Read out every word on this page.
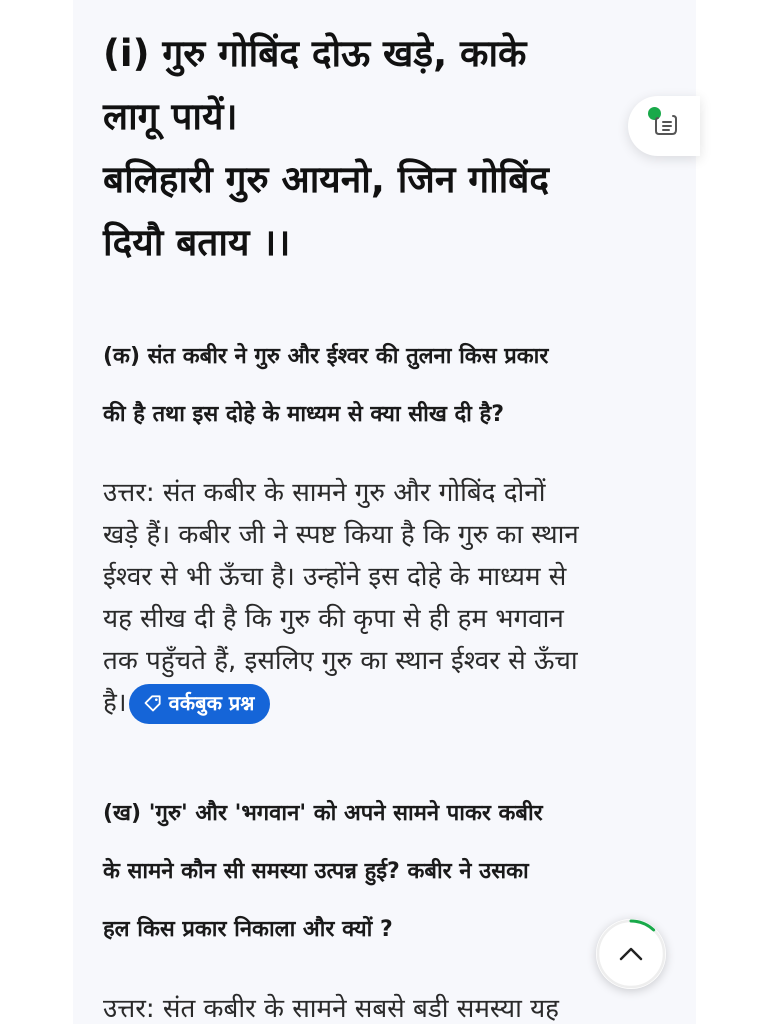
(i) गुरु गोबिंद दोऊ खड़े, काके
लागू पायें।
बलिहारी गुरु आयनो, जिन गोबिंद
दियौ बताय ।।

(क) संत कबीर ने गुरु और ईश्वर की तुलना किस प्रकार
की है तथा इस दोहे के माध्यम से क्या सीख दी है?

उत्तर: संत कबीर के सामने गुरु और गोबिंद दोनों
खड़े हैं। कबीर जी ने स्पष्ट किया है कि गुरु का स्थान
ईश्वर से भी ऊँचा है। उन्होंने इस दोहे के माध्यम से
यह सीख दी है कि गुरु की कृपा से ही हम भगवान
तक पहुँचते हैं, इसलिए गुरु का स्थान ईश्वर से ऊँचा
है। वर्कबुक प्रश्न

(ख) 'गुरु' और 'भगवान' को अपने सामने पाकर कबीर
के सामने कौन सी समस्या उत्पन्न हुई? कबीर ने उसका
हल किस प्रकार निकाला और क्यों ?

उत्तर: संत कबीर के सामने सबसे बडी समस्या यह
